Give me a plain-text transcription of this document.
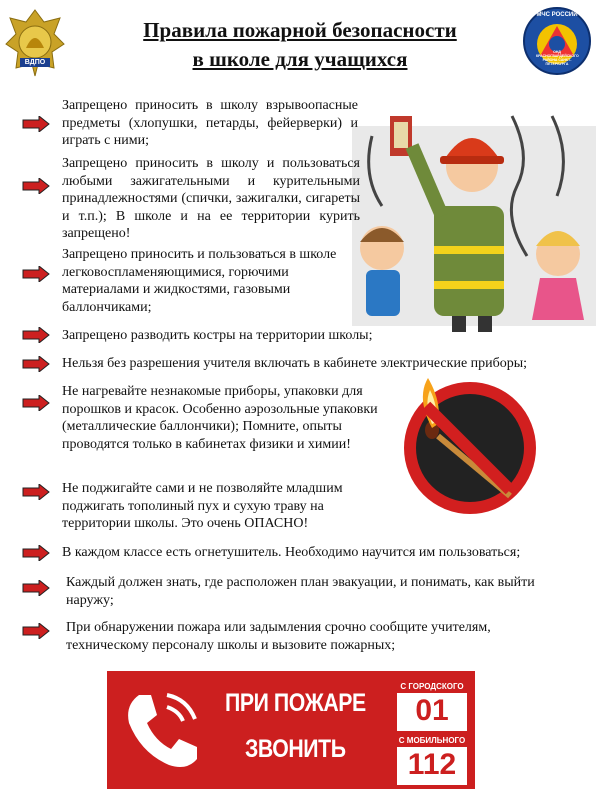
ВДПО
МЧС РОССИИ
ОНД КРАСНОГВАРДЕЙСКОГО РАЙОНА САНКТ-ПЕТЕРБУРГА
Правила пожарной безопасности
в школе для учащихся
Запрещено приносить в школу взрывоопасные предметы (хлопушки, петарды, фейерверки) и играть с ними;
Запрещено приносить в школу и пользоваться любыми зажигательными и курительными принадлежностями (спички, зажигалки, сигареты и т.п.); В школе и на ее территории курить запрещено!
Запрещено приносить и пользоваться в школе легковоспламеняющимися, горючими материалами и жидкостями, газовыми баллончиками;
Запрещено разводить костры на территории школы;
Нельзя без разрешения учителя включать в кабинете электрические приборы;
Не нагревайте незнакомые приборы, упаковки для порошков и красок. Особенно аэрозольные упаковки (металлические баллончики); Помните, опыты проводятся только в кабинетах физики и химии!
Не поджигайте сами и не позволяйте младшим поджигать тополиный пух и сухую траву на территории школы. Это очень ОПАСНО!
В каждом классе есть огнетушитель. Необходимо научится им пользоваться;
Каждый должен знать, где расположен план эвакуации, и понимать, как выйти наружу;
При обнаружении пожара или задымления срочно сообщите учителям, техническому персоналу школы и вызовите пожарных;
ПРИ ПОЖАРЕ
ЗВОНИТЬ
С ГОРОДСКОГО
01
С МОБИЛЬНОГО
112
